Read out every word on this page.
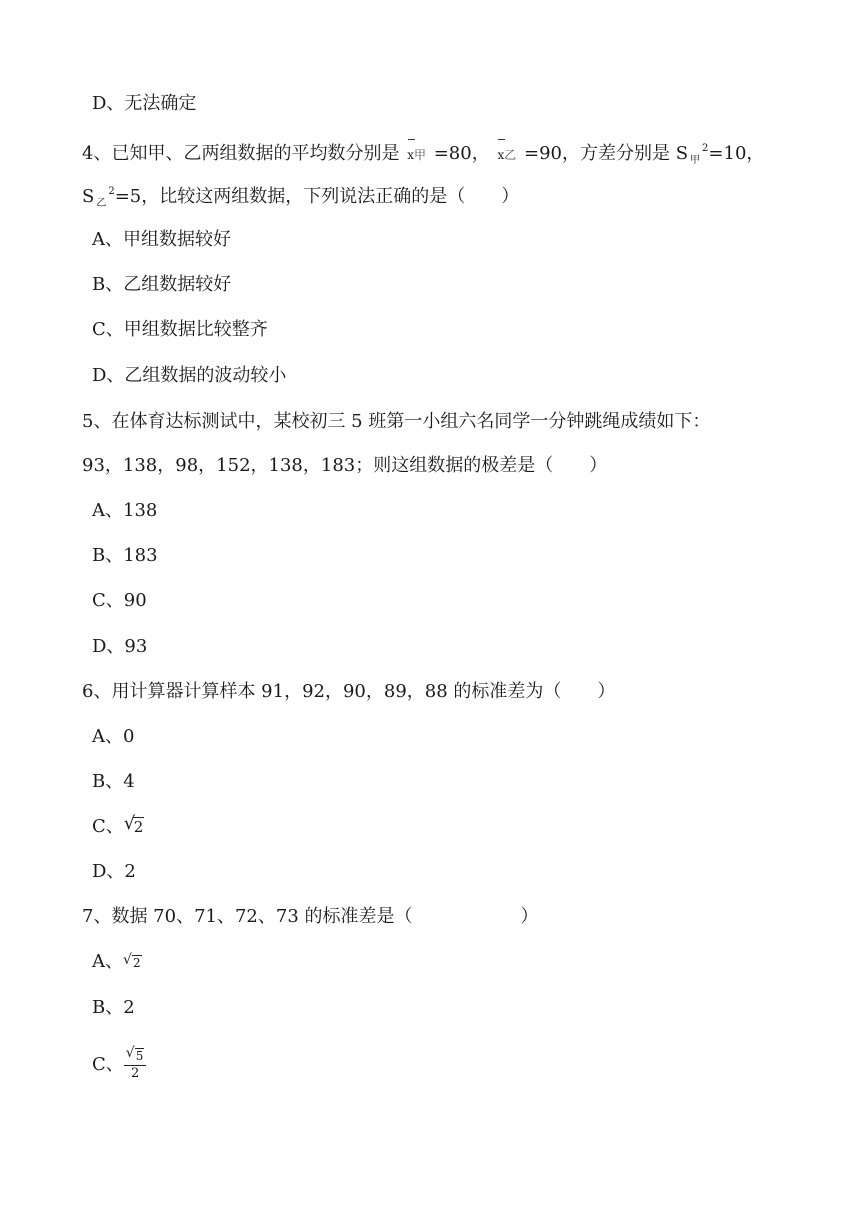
D、无法确定
4、已知甲、乙两组数据的平均数分别是 x甲 =80， x乙 =90，方差分别是 S $_甲^2$=10，
S $_乙^2$=5，比较这两组数据，下列说法正确的是（　　）
A、甲组数据较好
B、乙组数据较好
C、甲组数据比较整齐
D、乙组数据的波动较小
5、在体育达标测试中，某校初三 5 班第一小组六名同学一分钟跳绳成绩如下：
93，138，98，152，138，183；则这组数据的极差是（　　）
A、138
B、183
C、90
D、93
6、用计算器计算样本 91，92，90，89，88 的标准差为（　　）
A、0
B、4
C、 √
2
D、2
7、数据 70、71、72、73 的标准差是（　　　　　　）
A、 √ 2
B、2
C、 $\frac{√ 5}{2}$
